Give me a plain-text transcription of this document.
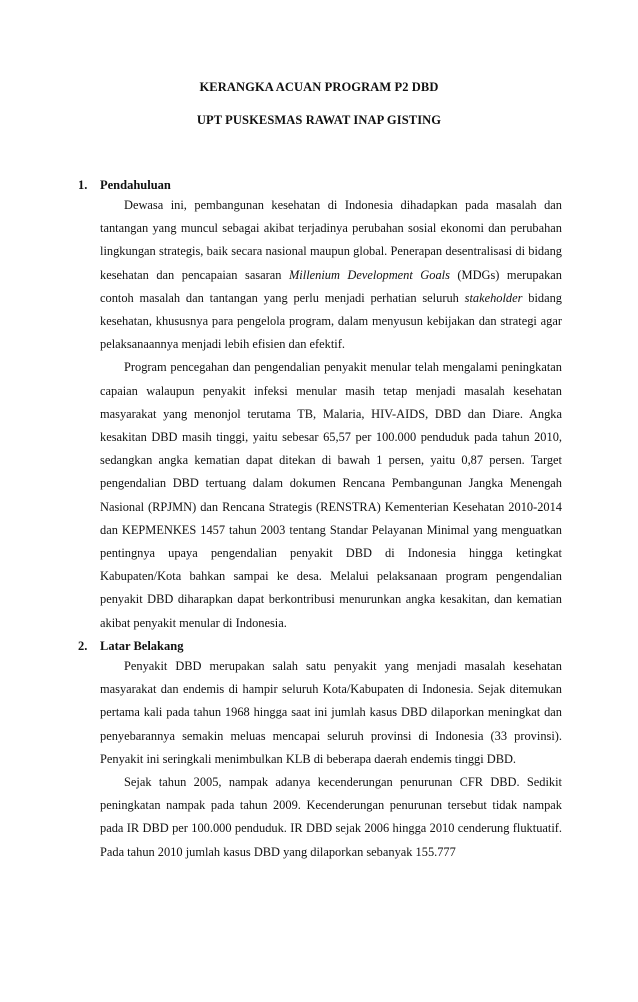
KERANGKA ACUAN PROGRAM P2 DBD
UPT PUSKESMAS RAWAT INAP GISTING
1.	Pendahuluan

Dewasa ini, pembangunan kesehatan di Indonesia dihadapkan pada masalah dan tantangan yang muncul sebagai akibat terjadinya perubahan sosial ekonomi dan perubahan lingkungan strategis, baik secara nasional maupun global. Penerapan desentralisasi di bidang kesehatan dan pencapaian sasaran Millenium Development Goals (MDGs) merupakan contoh masalah dan tantangan yang perlu menjadi perhatian seluruh stakeholder bidang kesehatan, khususnya para pengelola program, dalam menyusun kebijakan dan strategi agar pelaksanaannya menjadi lebih efisien dan efektif.

Program pencegahan dan pengendalian penyakit menular telah mengalami peningkatan capaian walaupun penyakit infeksi menular masih tetap menjadi masalah kesehatan masyarakat yang menonjol terutama TB, Malaria, HIV-AIDS, DBD dan Diare. Angka kesakitan DBD masih tinggi, yaitu sebesar 65,57 per 100.000 penduduk pada tahun 2010, sedangkan angka kematian dapat ditekan di bawah 1 persen, yaitu 0,87 persen. Target pengendalian DBD tertuang dalam dokumen Rencana Pembangunan Jangka Menengah Nasional (RPJMN) dan Rencana Strategis (RENSTRA) Kementerian Kesehatan 2010-2014 dan KEPMENKES 1457 tahun 2003 tentang Standar Pelayanan Minimal yang menguatkan pentingnya upaya pengendalian penyakit DBD di Indonesia hingga ketingkat Kabupaten/Kota bahkan sampai ke desa. Melalui pelaksanaan program pengendalian penyakit DBD diharapkan dapat berkontribusi menurunkan angka kesakitan, dan kematian akibat penyakit menular di Indonesia.

2.	Latar Belakang

Penyakit DBD merupakan salah satu penyakit yang menjadi masalah kesehatan masyarakat dan endemis di hampir seluruh Kota/Kabupaten di Indonesia. Sejak ditemukan pertama kali pada tahun 1968 hingga saat ini jumlah kasus DBD dilaporkan meningkat dan penyebarannya semakin meluas mencapai seluruh provinsi di Indonesia (33 provinsi). Penyakit ini seringkali menimbulkan KLB di beberapa daerah endemis tinggi DBD.

Sejak tahun 2005, nampak adanya kecenderungan penurunan CFR DBD. Sedikit peningkatan nampak pada tahun 2009. Kecenderungan penurunan tersebut tidak nampak pada IR DBD per 100.000 penduduk. IR DBD sejak 2006 hingga 2010 cenderung fluktuatif. Pada tahun 2010 jumlah kasus DBD yang dilaporkan sebanyak 155.777
